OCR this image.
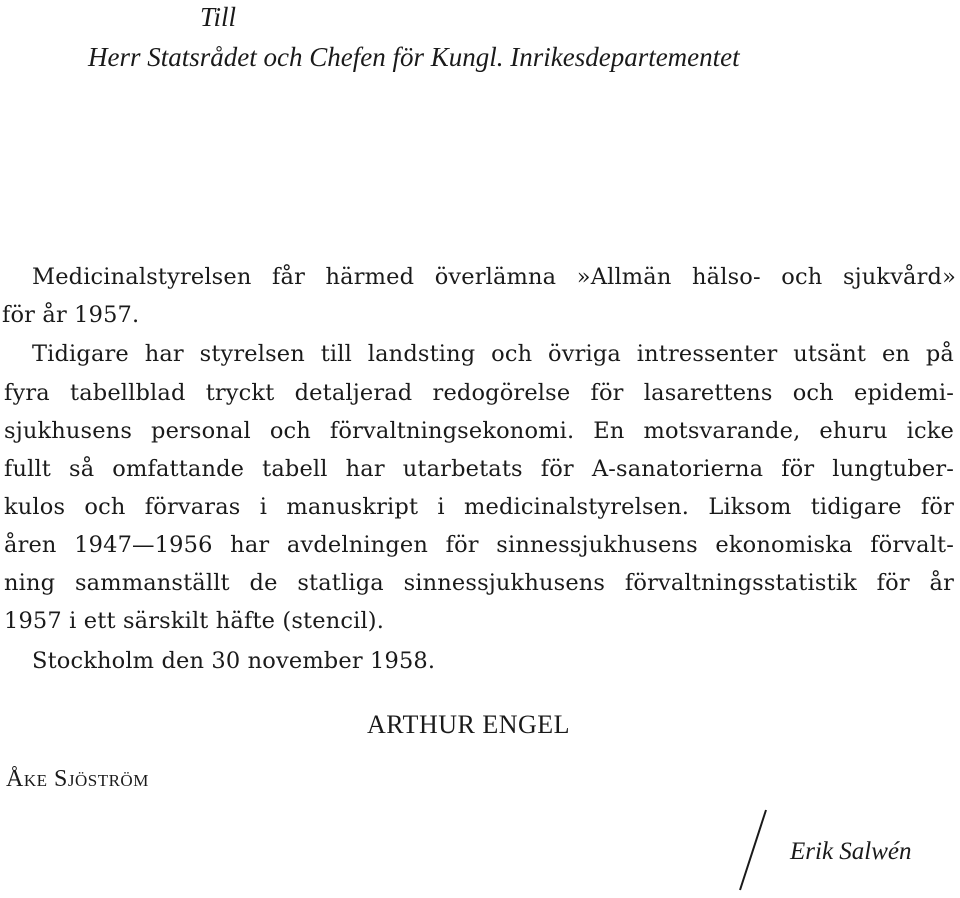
Till

Herr Statsrådet och Chefen för Kungl. Inrikesdepartementet

Medicinalstyrelsen får härmed överlämna »Allmän hälso- och sjukvård»

för år 1957.

Tidigare har styrelsen till landsting och övriga intressenter utsänt en på

fyra tabellblad tryckt detaljerad redogörelse för lasarettens och epidemi-

sjukhusens personal och förvaltningsekonomi. En motsvarande, ehuru icke

fullt så omfattande tabell har utarbetats för A-sanatorierna för lungtuber-

kulos och förvaras i manuskript i medicinalstyrelsen. Liksom tidigare för

åren 1947—1956 har avdelningen för sinnessjukhusens ekonomiska förvalt-

ning sammanställt de statliga sinnessjukhusens förvaltningsstatistik för år

1957 i ett särskilt häfte (stencil).

Stockholm den 30 november 1958.

ARTHUR ENGEL

Åke Sjöström

Erik Salwén
